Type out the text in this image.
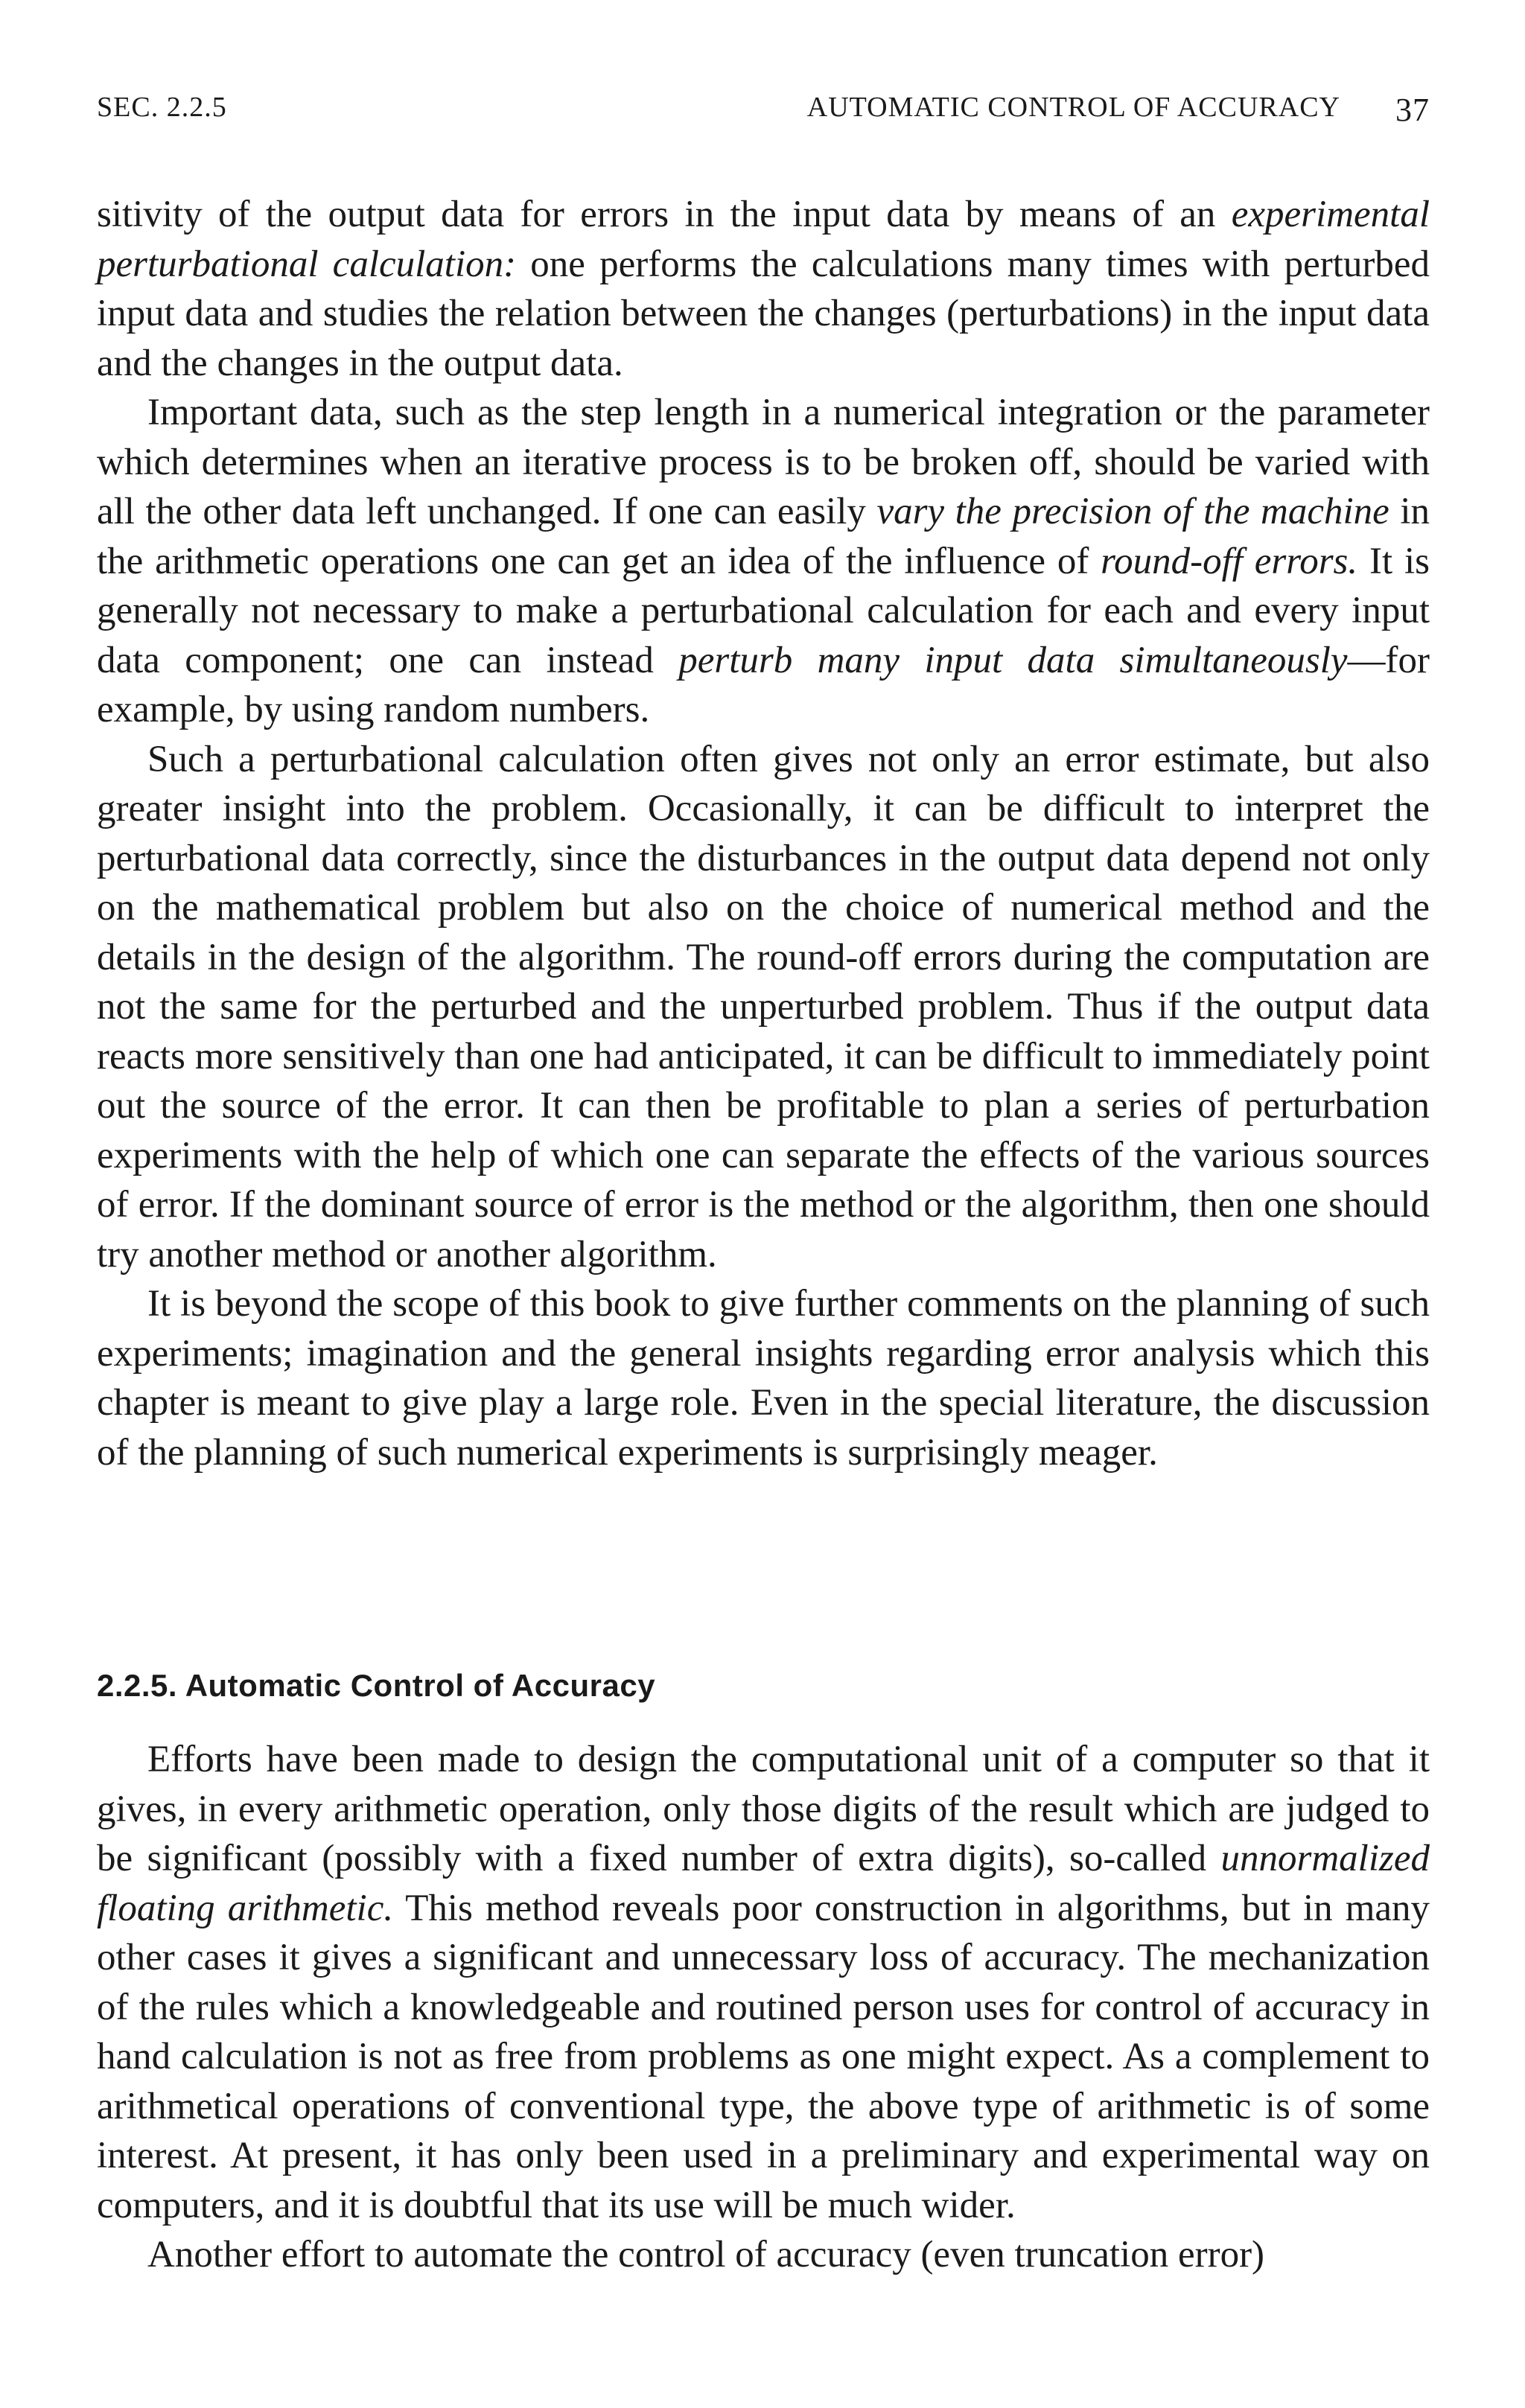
SEC. 2.2.5	AUTOMATIC CONTROL OF ACCURACY 37

sitivity of the output data for errors in the input data by means of an experimental perturbational calculation: one performs the calculations many times with perturbed input data and studies the relation between the changes (perturbations) in the input data and the changes in the output data.

Important data, such as the step length in a numerical integration or the parameter which determines when an iterative process is to be broken off, should be varied with all the other data left unchanged. If one can easily vary the precision of the machine in the arithmetic operations one can get an idea of the influence of round-off errors. It is generally not necessary to make a perturbational calculation for each and every input data component; one can instead perturb many input data simultaneously—for example, by using random numbers.

Such a perturbational calculation often gives not only an error estimate, but also greater insight into the problem. Occasionally, it can be difficult to interpret the perturbational data correctly, since the disturbances in the output data depend not only on the mathematical problem but also on the choice of numerical method and the details in the design of the algorithm. The round-off errors during the computation are not the same for the perturbed and the unperturbed problem. Thus if the output data reacts more sensitively than one had anticipated, it can be difficult to immediately point out the source of the error. It can then be profitable to plan a series of perturbation experiments with the help of which one can separate the effects of the various sources of error. If the dominant source of error is the method or the algorithm, then one should try another method or another algorithm.

It is beyond the scope of this book to give further comments on the planning of such experiments; imagination and the general insights regarding error analysis which this chapter is meant to give play a large role. Even in the special literature, the discussion of the planning of such numerical experiments is surprisingly meager.

2.2.5. Automatic Control of Accuracy

Efforts have been made to design the computational unit of a computer so that it gives, in every arithmetic operation, only those digits of the result which are judged to be significant (possibly with a fixed number of extra digits), so-called unnormalized floating arithmetic. This method reveals poor construction in algorithms, but in many other cases it gives a significant and unnecessary loss of accuracy. The mechanization of the rules which a knowledgeable and routined person uses for control of accuracy in hand calculation is not as free from problems as one might expect. As a complement to arithmetical operations of conventional type, the above type of arithmetic is of some interest. At present, it has only been used in a preliminary and experimental way on computers, and it is doubtful that its use will be much wider.

Another effort to automate the control of accuracy (even truncation error)
